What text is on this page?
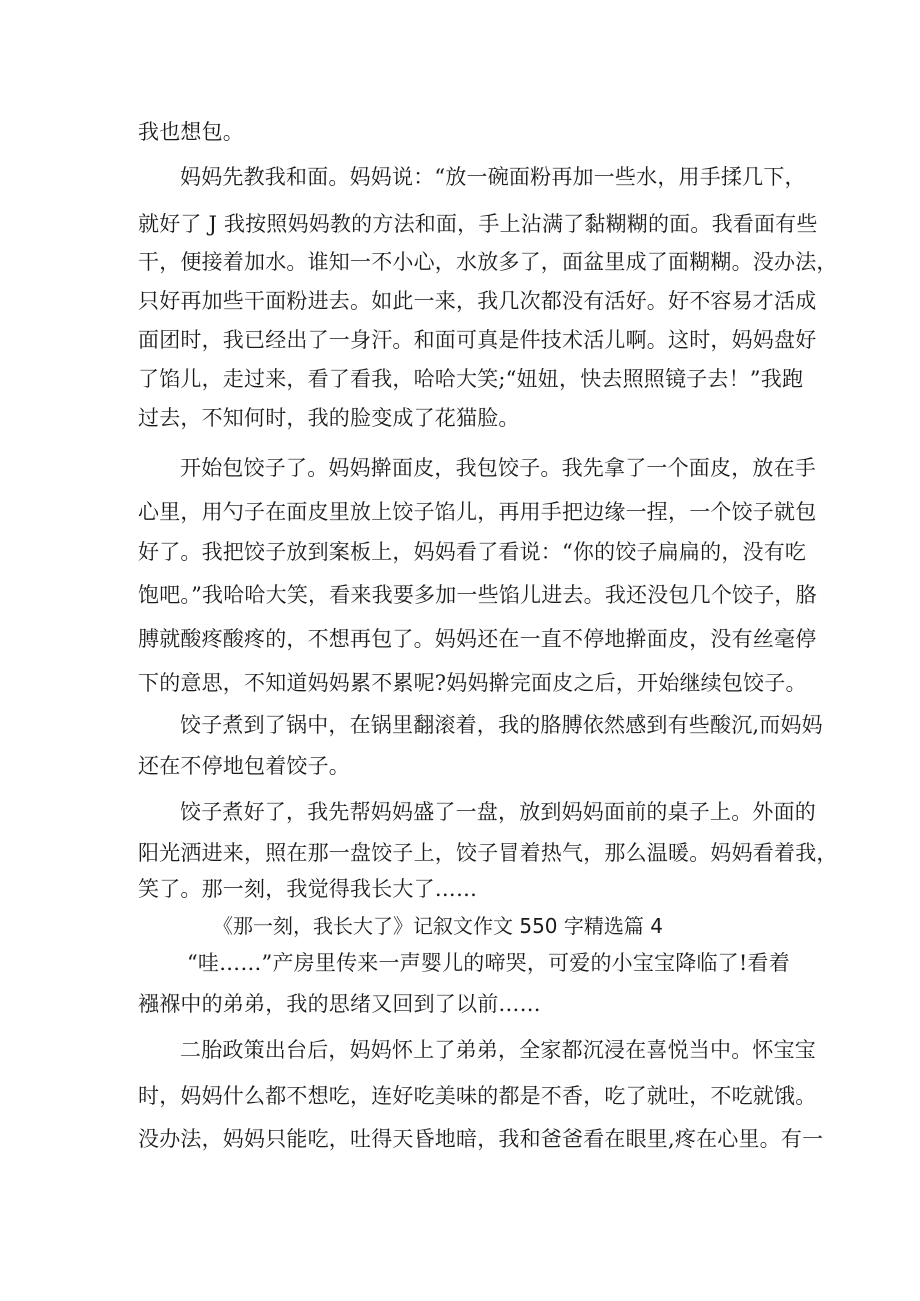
我也想包。
妈妈先教我和面。妈妈说：“放一碗面粉再加一些水，用手揉几下，
就好了 J 我按照妈妈教的方法和面，手上沾满了黏糊糊的面。我看面有些
干，便接着加水。谁知一不小心，水放多了，面盆里成了面糊糊。没办法，
只好再加些干面粉进去。如此一来，我几次都没有活好。好不容易才活成
面团时，我已经出了一身汗。和面可真是件技术活儿啊。这时，妈妈盘好
了馅儿，走过来，看了看我，哈哈大笑;“妞妞，快去照照镜子去！”我跑
过去，不知何时，我的脸变成了花猫脸。
开始包饺子了。妈妈擀面皮，我包饺子。我先拿了一个面皮，放在手
心里，用勺子在面皮里放上饺子馅儿，再用手把边缘一捏，一个饺子就包
好了。我把饺子放到案板上，妈妈看了看说：“你的饺子扁扁的，没有吃
饱吧。”我哈哈大笑，看来我要多加一些馅儿进去。我还没包几个饺子，胳
膊就酸疼酸疼的，不想再包了。妈妈还在一直不停地擀面皮，没有丝毫停
下的意思，不知道妈妈累不累呢?妈妈擀完面皮之后，开始继续包饺子。
饺子煮到了锅中，在锅里翻滚着，我的胳膊依然感到有些酸沉,而妈妈
还在不停地包着饺子。
饺子煮好了，我先帮妈妈盛了一盘，放到妈妈面前的桌子上。外面的
阳光洒进来，照在那一盘饺子上，饺子冒着热气，那么温暖。妈妈看着我，
笑了。那一刻，我觉得我长大了……
《那一刻，我长大了》记叙文作文 550 字精选篇 4
“哇……”产房里传来一声婴儿的啼哭，可爱的小宝宝降临了!看着
襁褓中的弟弟，我的思绪又回到了以前……
二胎政策出台后，妈妈怀上了弟弟，全家都沉浸在喜悦当中。怀宝宝
时，妈妈什么都不想吃，连好吃美味的都是不香，吃了就吐，不吃就饿。
没办法，妈妈只能吃，吐得天昏地暗，我和爸爸看在眼里,疼在心里。有一
